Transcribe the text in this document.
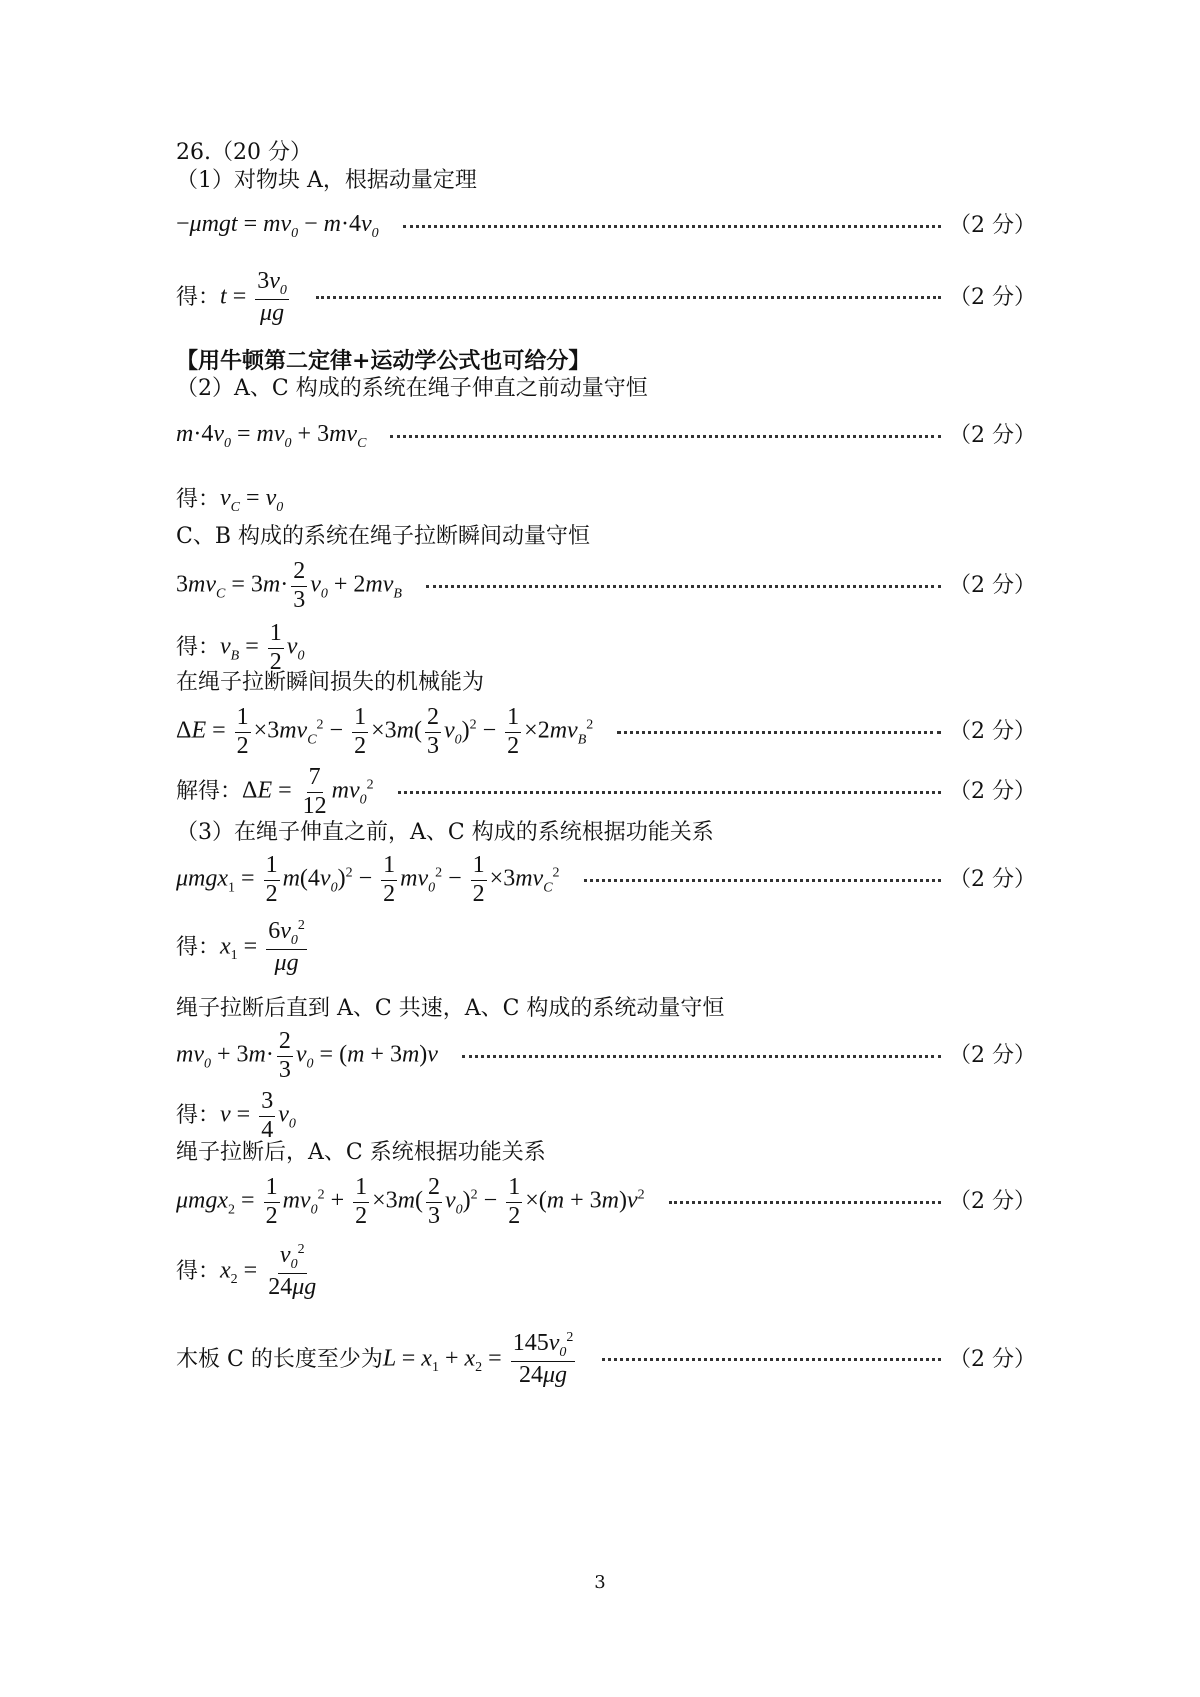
26.（20 分）
（1）对物块 A，根据动量定理
$-\mu mgt = mv_0 - m\cdot 4v_0$	（2 分）
得： $t = \frac{3v_0}{\mu g}$	（2 分）
【用牛顿第二定律+运动学公式也可给分】
（2）A、C 构成的系统在绳子伸直之前动量守恒
$m\cdot 4v_0 = mv_0 + 3mv_C$	（2 分）
得： $v_C = v_0$
C、B 构成的系统在绳子拉断瞬间动量守恒
$3mv_C = 3m\cdot \frac{2}{3} v_0 + 2mv_B$	（2 分）
得： $v_B = \frac{1}{2} v_0$
在绳子拉断瞬间损失的机械能为
$\Delta E = \frac{1}{2} \times 3mv_C^2 - \frac{1}{2} \times 3m( \frac{2}{3} v_0)^2 - \frac{1}{2} \times 2mv_B^2$	（2 分）
解得： $\Delta E = \frac{7}{12} mv_0^2$	（2 分）
（3）在绳子伸直之前，A、C 构成的系统根据功能关系
$\mu mgx_1 = \frac{1}{2} m(4v_0)^2 - \frac{1}{2} mv_0^2 - \frac{1}{2} \times 3mv_C^2$	（2 分）
得： $x_1 = \frac{6v_0^2}{\mu g}$
绳子拉断后直到 A、C 共速，A、C 构成的系统动量守恒
$mv_0 + 3m\cdot \frac{2}{3} v_0 = (m + 3m)v$	（2 分）
得： $v = \frac{3}{4} v_0$
绳子拉断后，A、C 系统根据功能关系
$\mu mgx_2 = \frac{1}{2} mv_0^2 + \frac{1}{2} \times 3m( \frac{2}{3} v_0)^2 - \frac{1}{2} \times(m + 3m)v^2$	（2 分）
得： $x_2 = \frac{v_0^2}{24\mu g}$
木板 C 的长度至少为 $L = x_1 + x_2 = \frac{145v_0^2}{24\mu g}$	（2 分）
3
